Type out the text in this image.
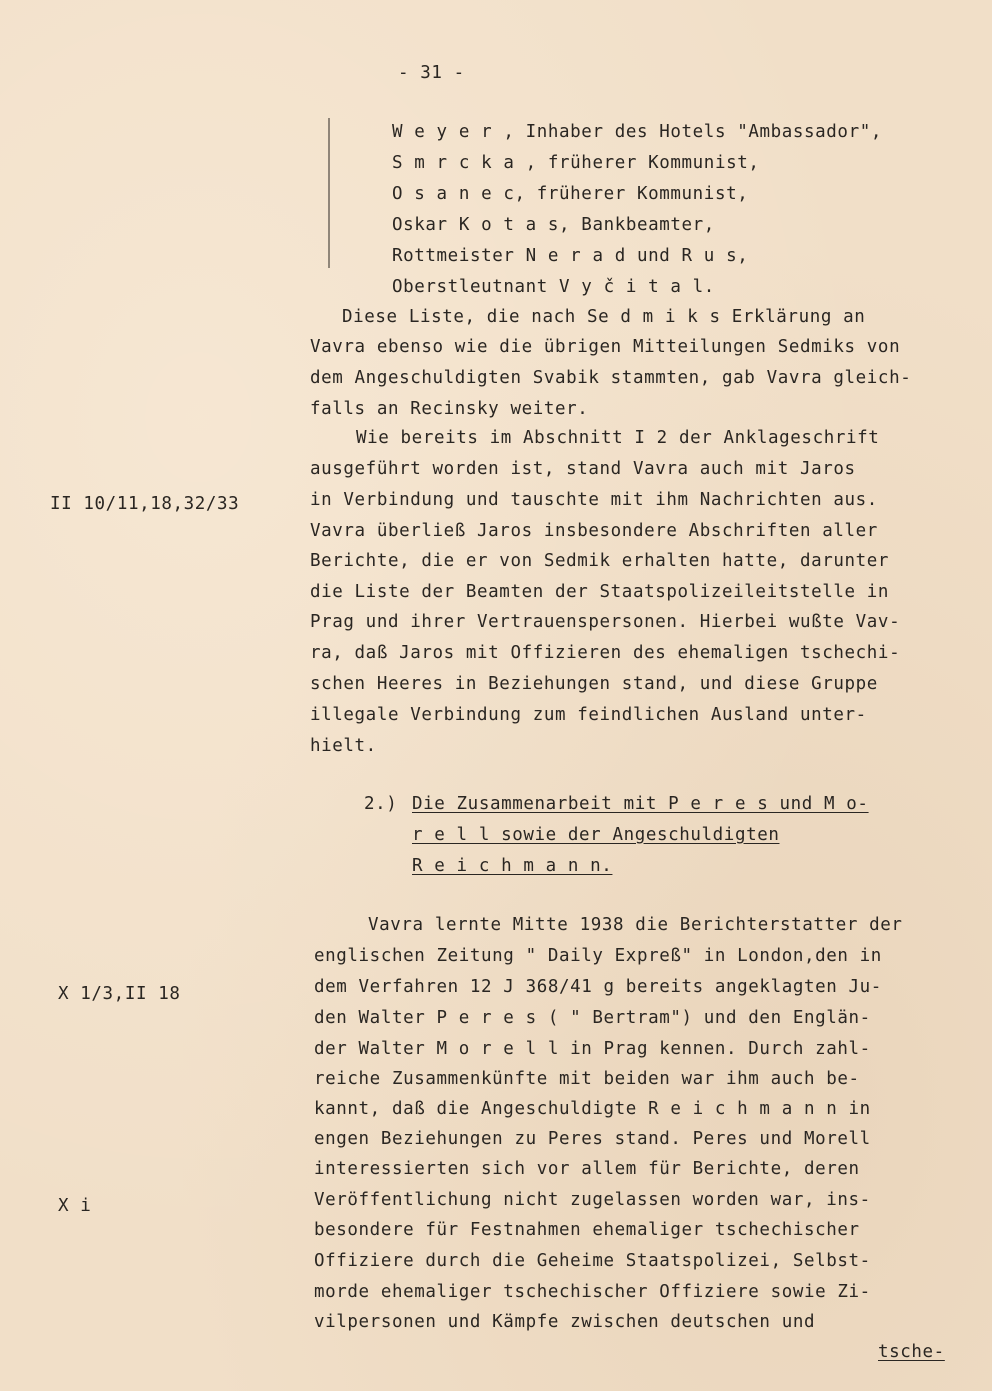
- 31 -
W e y e r , Inhaber des Hotels "Ambassador",
S m r c k a , früherer Kommunist,
O s a n e c, früherer Kommunist,
Oskar K o t a s, Bankbeamter,
Rottmeister N e r a d und R u s,
Oberstleutnant V y č i t a l.
Diese Liste, die nach Se d m i k s Erklärung an
Vavra ebenso wie die übrigen Mitteilungen Sedmiks von
dem Angeschuldigten Svabik stammten, gab Vavra gleich-
falls an Recinsky weiter.
Wie bereits im Abschnitt I 2 der Anklageschrift
ausgeführt worden ist, stand Vavra auch mit Jaros
in Verbindung und tauschte mit ihm Nachrichten aus.
Vavra überließ Jaros insbesondere Abschriften aller
Berichte, die er von Sedmik erhalten hatte, darunter
die Liste der Beamten der Staatspolizeileitstelle in
Prag und ihrer Vertrauenspersonen. Hierbei wußte Vav-
ra, daß Jaros mit Offizieren des ehemaligen tschechi-
schen Heeres in Beziehungen stand, und diese Gruppe
illegale Verbindung zum feindlichen Ausland unter-
hielt.
2.) Die Zusammenarbeit mit P e r e s und M o-
r e l l sowie der Angeschuldigten
R e i c h m a n n.
Vavra lernte Mitte 1938 die Berichterstatter der
englischen Zeitung " Daily Expreß" in London,den in
dem Verfahren 12 J 368/41 g bereits angeklagten Ju-
den Walter P e r e s ( " Bertram") und den Englän-
der Walter M o r e l l in Prag kennen. Durch zahl-
reiche Zusammenkünfte mit beiden war ihm auch be-
kannt, daß die Angeschuldigte R e i c h m a n n in
engen Beziehungen zu Peres stand. Peres und Morell
interessierten sich vor allem für Berichte, deren
Veröffentlichung nicht zugelassen worden war, ins-
besondere für Festnahmen ehemaliger tschechischer
Offiziere durch die Geheime Staatspolizei, Selbst-
morde ehemaliger tschechischer Offiziere sowie Zi-
vilpersonen und Kämpfe zwischen deutschen und
tsche-
II 10/11,18,32/33
X 1/3,II 18
X i
